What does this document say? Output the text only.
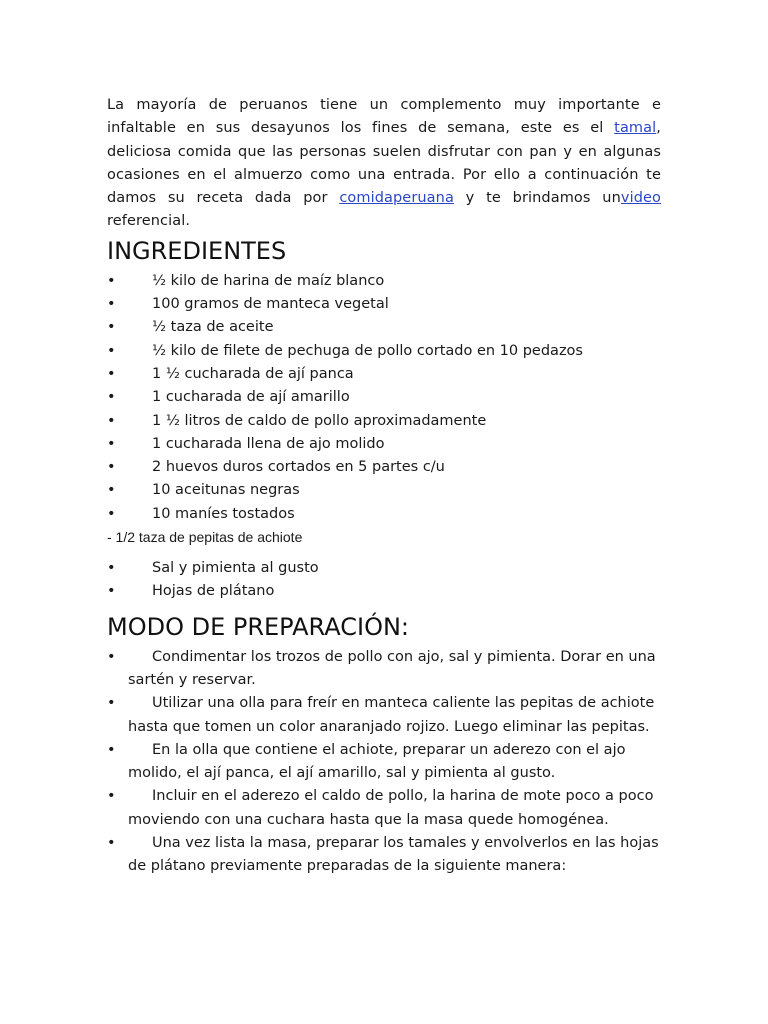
La mayoría de peruanos tiene un complemento muy importante e infaltable en sus desayunos los fines de semana, este es el tamal, deliciosa comida que las personas suelen disfrutar con pan y en algunas ocasiones en el almuerzo como una entrada. Por ello a continuación te damos su receta dada por comidaperuana y te brindamos unvideo referencial.

INGREDIENTES
•	½ kilo de harina de maíz blanco
•	100 gramos de manteca vegetal
•	½ taza de aceite
•	½ kilo de filete de pechuga de pollo cortado en 10 pedazos
•	1 ½ cucharada de ají panca
•	1 cucharada de ají amarillo
•	1 ½ litros de caldo de pollo aproximadamente
•	1 cucharada llena de ajo molido
•	2 huevos duros cortados en 5 partes c/u
•	10 aceitunas negras
•	10 maníes tostados
- 1/2 taza de pepitas de achiote
•	Sal y pimienta al gusto
•	Hojas de plátano
MODO DE PREPARACIÓN:
•	Condimentar los trozos de pollo con ajo, sal y pimienta. Dorar en una sartén y reservar.
•	Utilizar una olla para freír en manteca caliente las pepitas de achiote hasta que tomen un color anaranjado rojizo. Luego eliminar las pepitas.
•	En la olla que contiene el achiote, preparar un aderezo con el ajo molido, el ají panca, el ají amarillo, sal y pimienta al gusto.
•	Incluir en el aderezo el caldo de pollo, la harina de mote poco a poco moviendo con una cuchara hasta que la masa quede homogénea.
•	Una vez lista la masa, preparar los tamales y envolverlos en las hojas de plátano previamente preparadas de la siguiente manera:
